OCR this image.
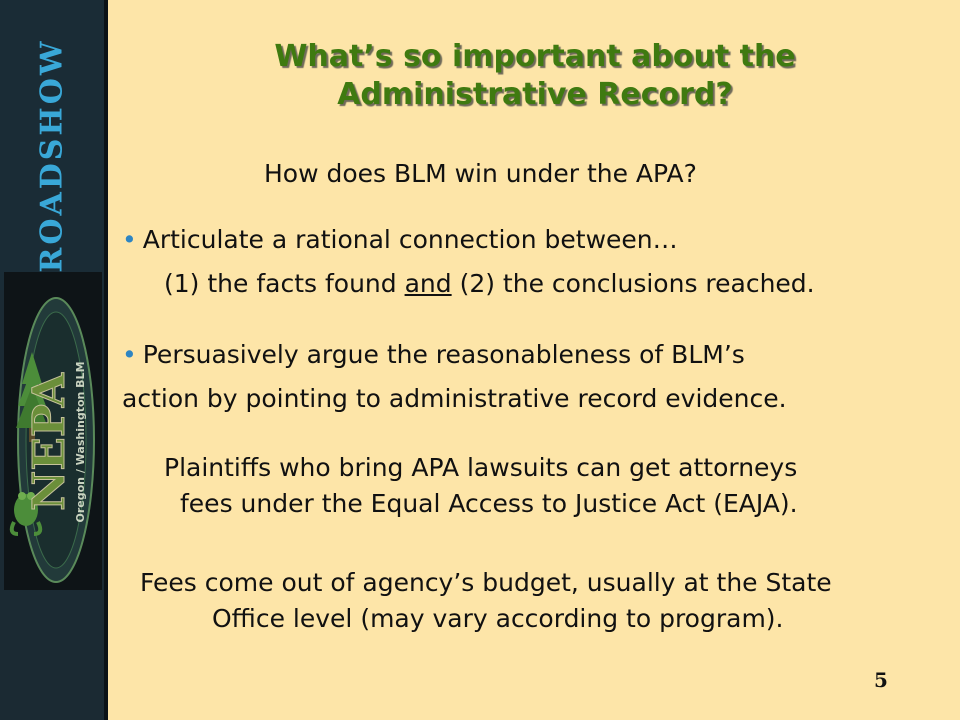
ROADSHOW
NEPA Oregon / Washington BLM
What’s so important about the
Administrative Record?
How does BLM win under the APA?
• Articulate a rational connection between…
(1) the facts found and (2) the conclusions reached.
• Persuasively argue the reasonableness of BLM’s
action by pointing to administrative record evidence.
Plaintiffs who bring APA lawsuits can get attorneys
fees under the Equal Access to Justice Act (EAJA).
Fees come out of agency’s budget, usually at the State
Office level (may vary according to program).
5
